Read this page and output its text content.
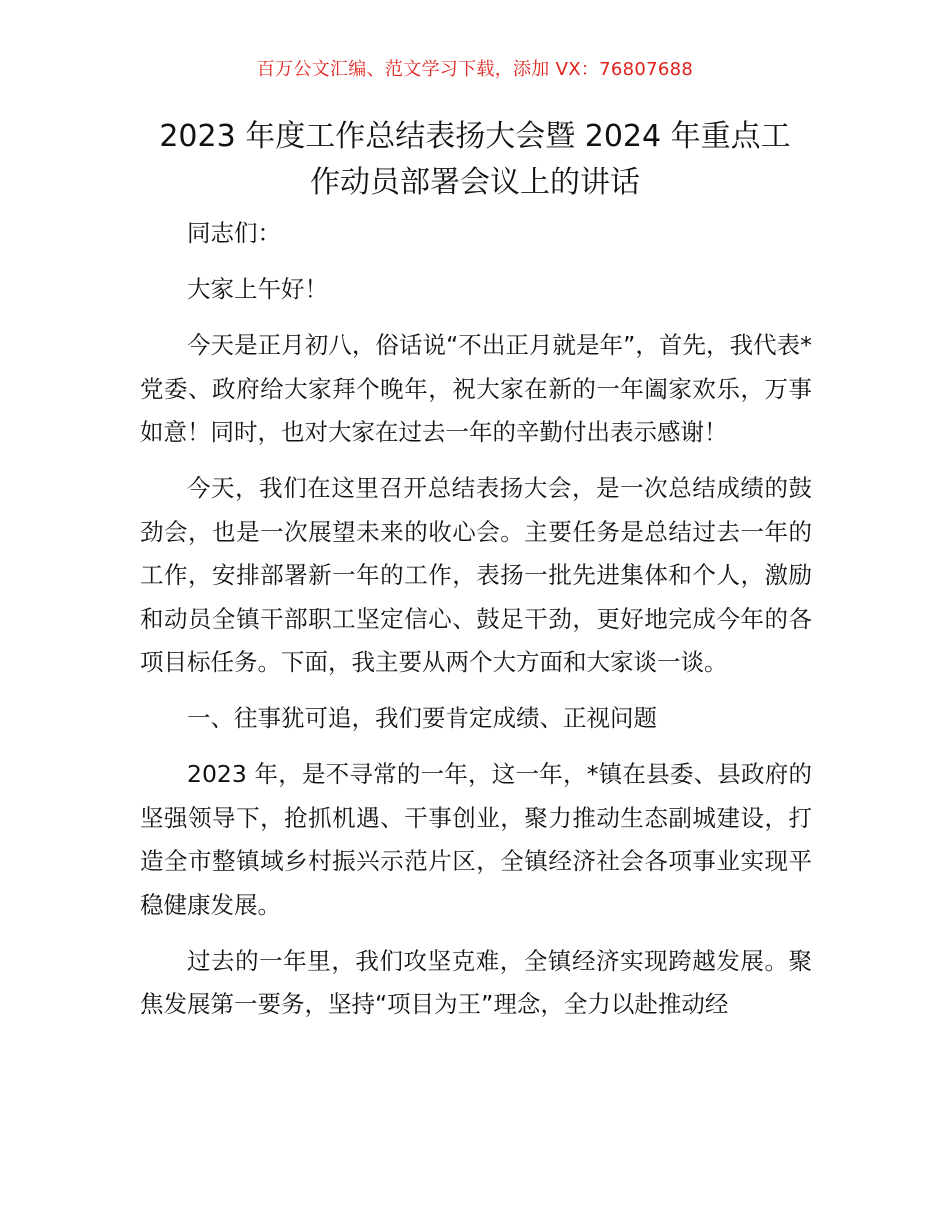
百万公文汇编、范文学习下载，添加 VX：76807688
2023 年度工作总结表扬大会暨 2024 年重点工
作动员部署会议上的讲话

同志们：

大家上午好！

今天是正月初八，俗话说“不出正月就是年”，首先，我代表*党委、政府给大家拜个晚年，祝大家在新的一年阖家欢乐，万事如意！同时，也对大家在过去一年的辛勤付出表示感谢！

今天，我们在这里召开总结表扬大会，是一次总结成绩的鼓劲会，也是一次展望未来的收心会。主要任务是总结过去一年的工作，安排部署新一年的工作，表扬一批先进集体和个人，激励和动员全镇干部职工坚定信心、鼓足干劲，更好地完成今年的各项目标任务。下面，我主要从两个大方面和大家谈一谈。

一、往事犹可追，我们要肯定成绩、正视问题

2023 年，是不寻常的一年，这一年，*镇在县委、县政府的坚强领导下，抢抓机遇、干事创业，聚力推动生态副城建设，打造全市整镇域乡村振兴示范片区，全镇经济社会各项事业实现平稳健康发展。

过去的一年里，我们攻坚克难，全镇经济实现跨越发展。聚焦发展第一要务，坚持“项目为王”理念，全力以赴推动经
